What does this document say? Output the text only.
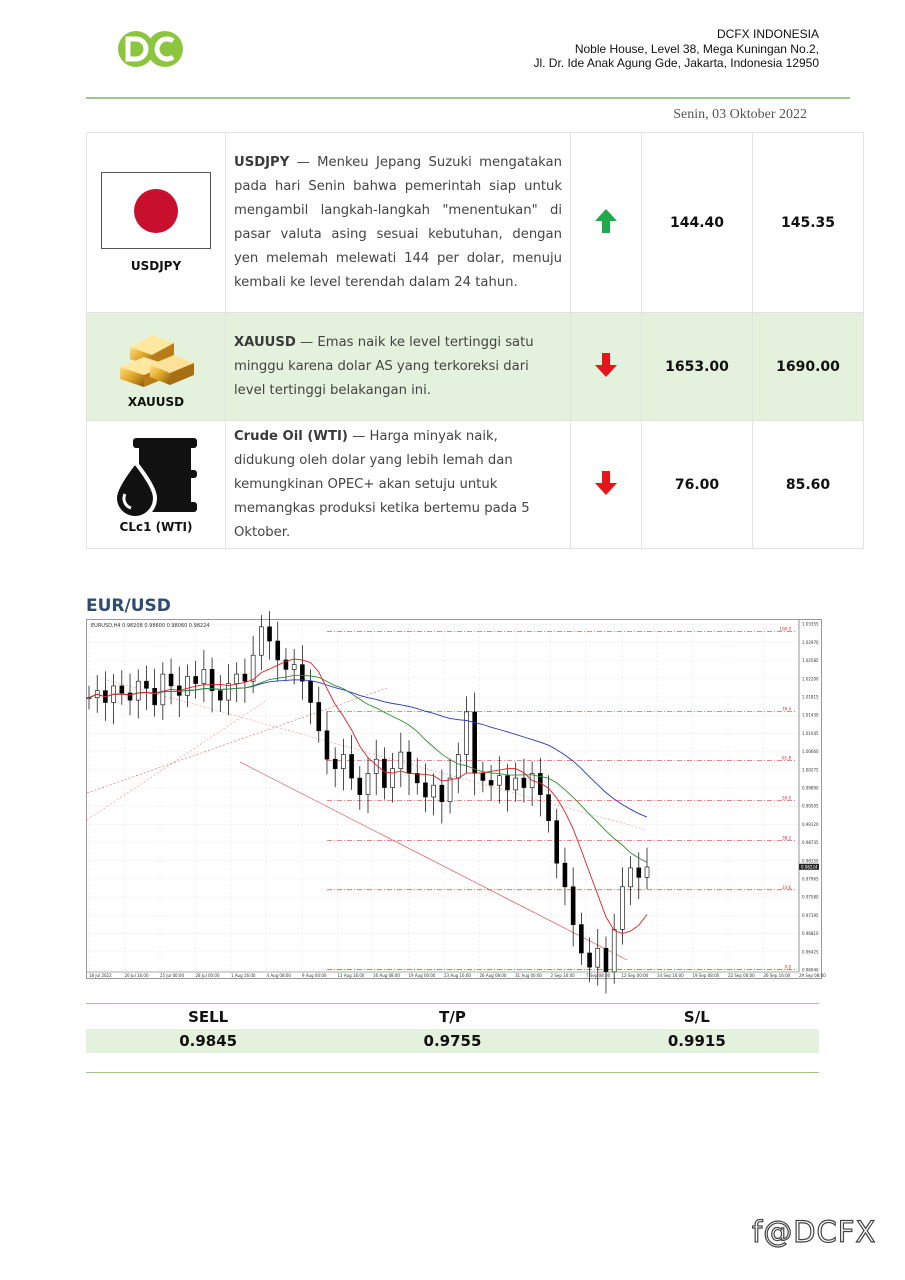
DCFX INDONESIA
Noble House, Level 38, Mega Kuningan No.2,
Jl. Dr. Ide Anak Agung Gde, Jakarta, Indonesia 12950
Senin, 03 Oktober 2022
USDJPY	USDJPY — Menkeu Jepang Suzuki mengatakan pada hari Senin bahwa pemerintah siap untuk mengambil langkah-langkah "menentukan" di pasar valuta asing sesuai kebutuhan, dengan yen melemah melewati 144 per dolar, menuju kembali ke level terendah dalam 24 tahun.		144.40	145.35

XAUUSD	XAUUSD — Emas naik ke level tertinggi satu minggu karena dolar AS yang terkoreksi dari level tertinggi belakangan ini.		1653.00	1690.00

CLc1 (WTI)	Crude Oil (WTI) — Harga minyak naik, didukung oleh dolar yang lebih lemah dan kemungkinan OPEC+ akan setuju untuk memangkas produksi ketika bertemu pada 5 Oktober.		76.00	85.60
EUR/USD
100.0
76.4
61.8
50.0
38.2
23.6
0.0
1.03355
1.02970
1.02585
1.02200
1.01815
1.01430
1.01045
1.00660
1.00275
0.99890
0.99505
0.99120
0.98735
0.98350
0.97965
0.97580
0.97195
0.96810
0.96425
0.96040
0.98224
18 Jul 2022	20 Jul 16:00	25 Jul 00:00	28 Jul 00:00	1 Aug 16:00	4 Aug 08:00	9 Aug 00:00	11 Aug 16:00 16 Aug 08:00 19 Aug 00:00 23 Aug 16:00 26 Aug 08:00 31 Aug 00:00 2 Sep 16:00	7 Sep 08:00	12 Sep 00:00 14 Sep 16:00 19 Sep 08:00 22 Sep 00:00 26 Sep 16:00 29 Sep 08:00
EURUSD,H4 0.98208 0.98600 0.98060 0.98224
SELL	T/P	S/L
0.9845	0.9755	0.9915
f@DCFX
